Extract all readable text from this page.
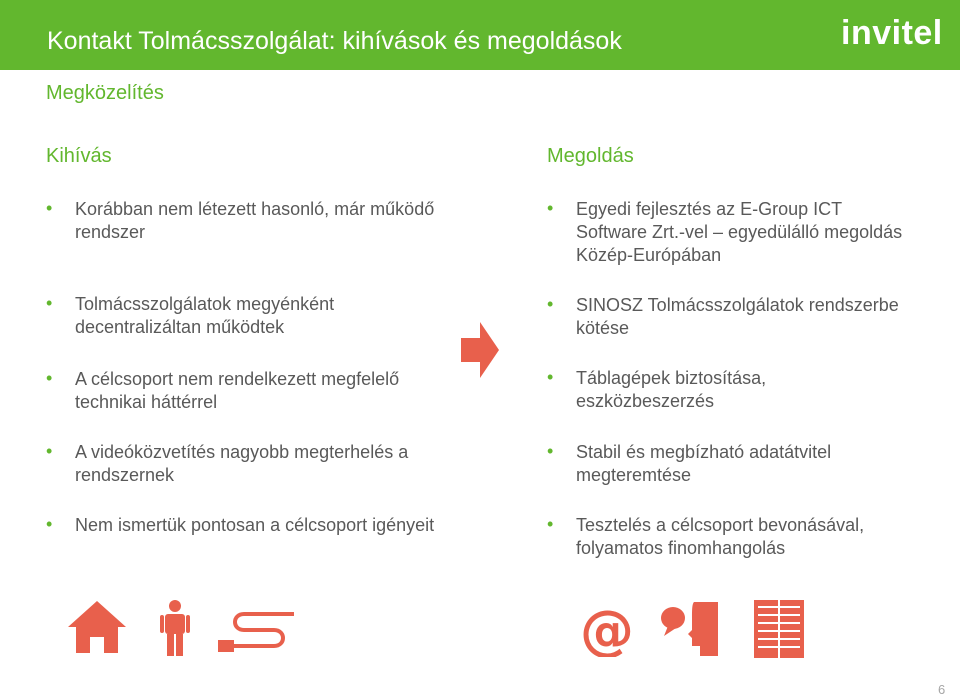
Kontakt Tolmácsszolgálat: kihívások és megoldások	invitel
Megközelítés
Kihívás
• Korábban nem létezett hasonló, már működő rendszer
• Tolmácsszolgálatok megyénként decentralizáltan működtek
• A célcsoport nem rendelkezett megfelelő technikai háttérrel
• A videóközvetítés nagyobb megterhelés a rendszernek
• Nem ismertük pontosan a célcsoport igényeit
Megoldás
• Egyedi fejlesztés az E-Group ICT Software Zrt.-vel – egyedülálló megoldás Közép-Európában
• SINOSZ Tolmácsszolgálatok rendszerbe kötése
• Táblagépek biztosítása, eszközbeszerzés
• Stabil és megbízható adatátvitel megteremtése
• Tesztelés a célcsoport bevonásával, folyamatos finomhangolás
@
6
